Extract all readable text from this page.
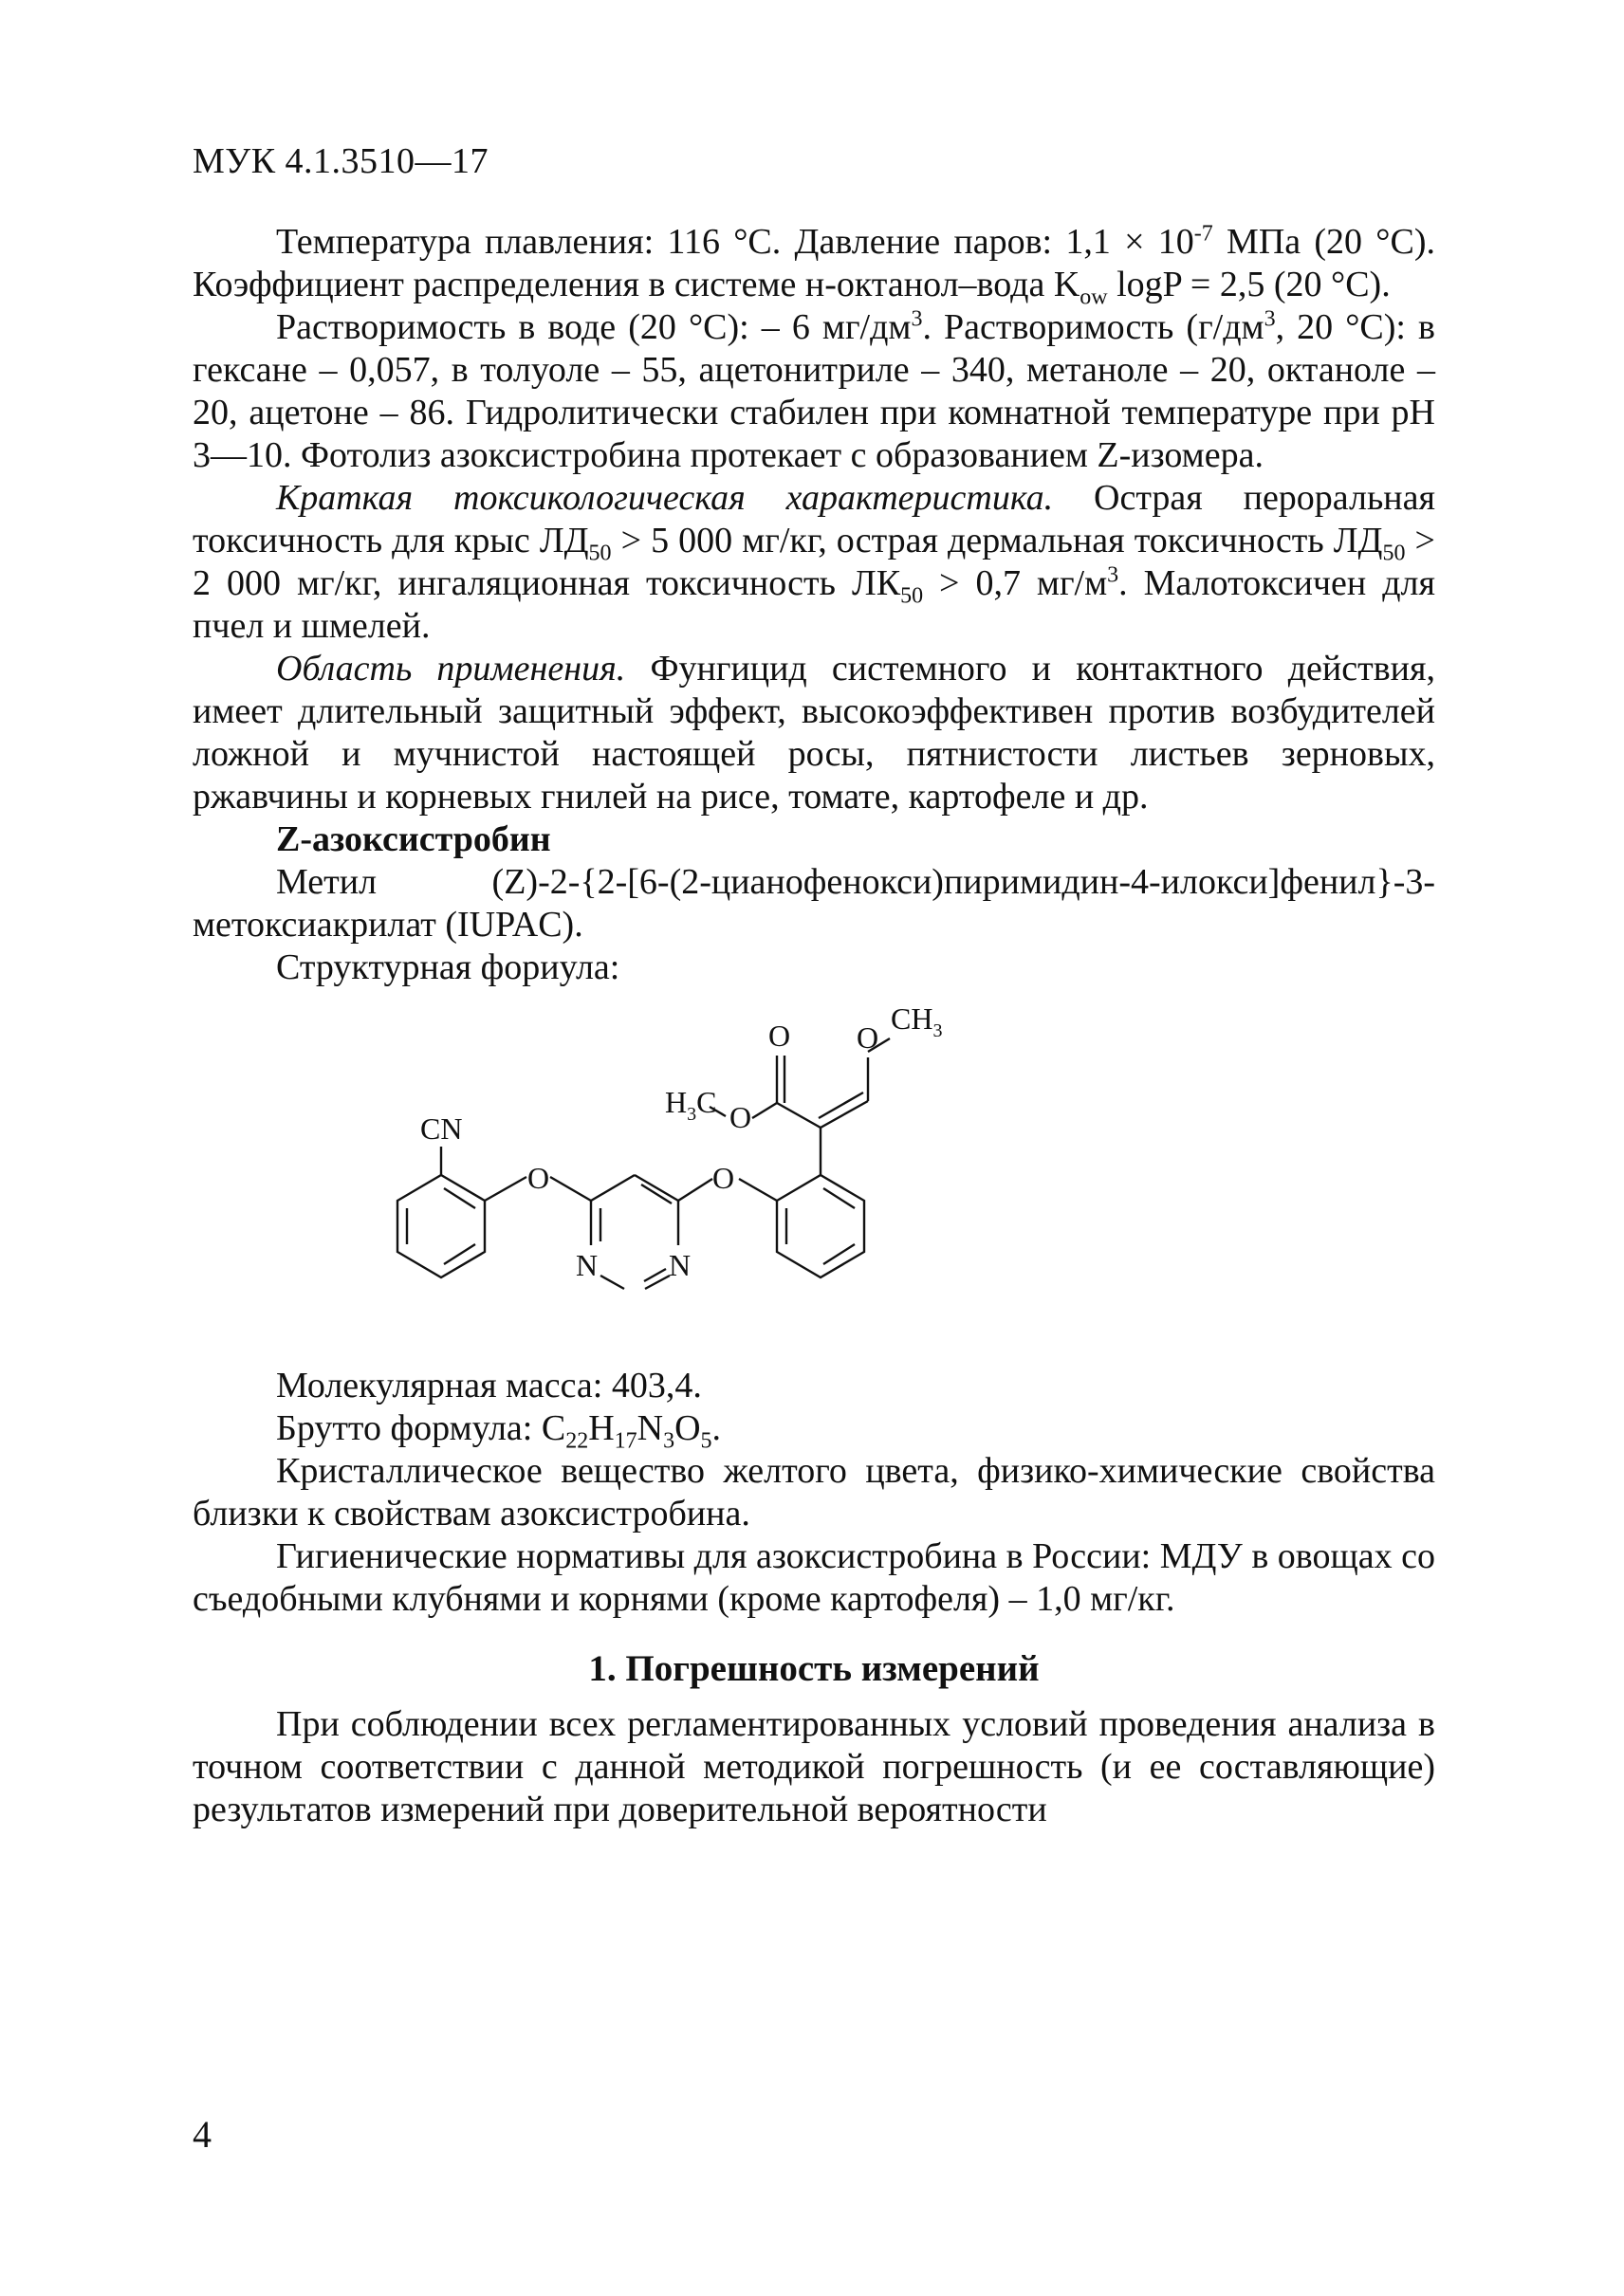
МУК 4.1.3510—17

Температура плавления: 116 °С. Давление паров: $1,1 \times 10^{-7}$ МПа (20 °С). Коэффициент распределения в системе н-октанол–вода $K_{ow}$ logP = 2,5 (20 °С).

Растворимость в воде (20 °С): – 6 $мг/дм^3$. Растворимость ($г/дм^3$, 20 °С): в гексане – 0,057, в толуоле – 55, ацетонитриле – 340, метаноле – 20, октаноле – 20, ацетоне – 86. Гидролитически стабилен при комнатной температуре при pH 3—10. Фотолиз азоксистробина протекает с образованием Z-изомера.

Краткая токсикологическая характеристика. Острая пероральная токсичность для крыс $ЛД_{50} > 5$ 000 мг/кг, острая дермальная токсичность $ЛД_{50} > 2$ 000 мг/кг, ингаляционная токсичность $ЛК_{50} > 0,7$ $мг/м^3$. Малотоксичен для пчел и шмелей.

Область применения. Фунгицид системного и контактного действия, имеет длительный защитный эффект, высокоэффективен против возбудителей ложной и мучнистой настоящей росы, пятнистости листьев зерновых, ржавчины и корневых гнилей на рисе, томате, картофеле и др.

Z-азоксистробин

Метил (Z)-2-{2-[6-(2-цианофенокси)пиримидин-4-илокси]фенил}-3-метоксиакрилат (IUPAC).

Структурная фориула:

CN
O
N N
O
O O
$CH_3$
O
$H_3C$

Молекулярная масса: 403,4.

Брутто формула: $C_{22}H_{17}N_3O_5$.

Кристаллическое вещество желтого цвета, физико-химические свойства близки к свойствам азоксистробина.

Гигиенические нормативы для азоксистробина в России: МДУ в овощах со съедобными клубнями и корнями (кроме картофеля) – 1,0 мг/кг.

1. Погрешность измерений

При соблюдении всех регламентированных условий проведения анализа в точном соответствии с данной методикой погрешность (и ее составляющие) результатов измерений при доверительной вероятности

4
